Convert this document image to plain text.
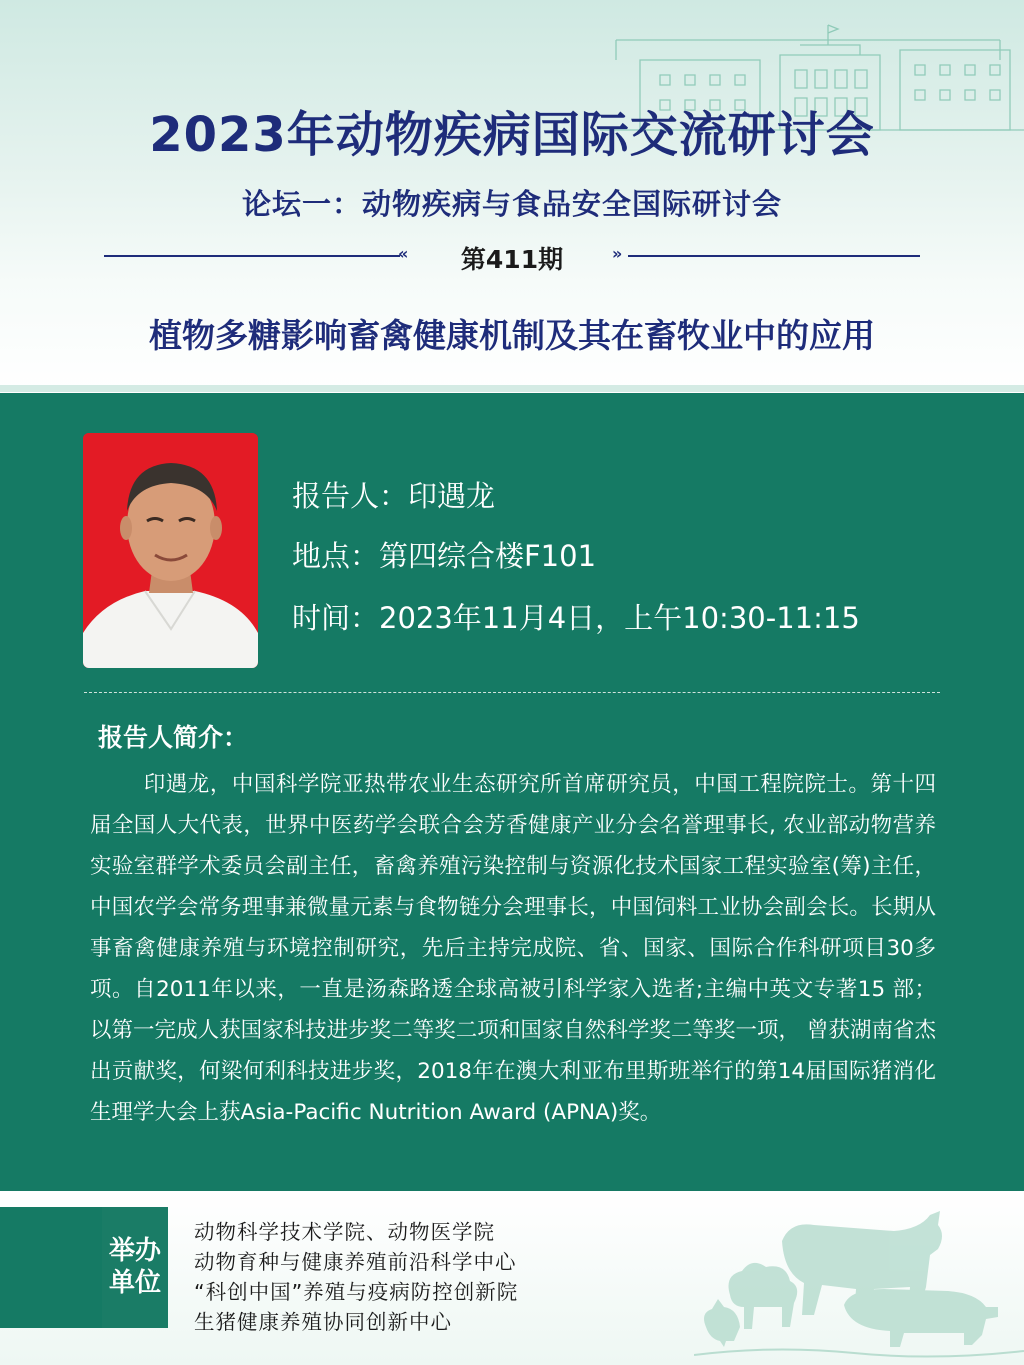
2023年动物疾病国际交流研讨会
论坛一：动物疾病与食品安全国际研讨会
«	第411期	»
植物多糖影响畜禽健康机制及其在畜牧业中的应用
报告人：印遇龙
地点：第四综合楼F101
时间：2023年11月4日，上午10:30-11:15
报告人简介：

印遇龙，中国科学院亚热带农业生态研究所首席研究员，中国工程院院士。第十四届全国人大代表，世界中医药学会联合会芳香健康产业分会名誉理事长, 农业部动物营养实验室群学术委员会副主任，畜禽养殖污染控制与资源化技术国家工程实验室(筹)主任，中国农学会常务理事兼微量元素与食物链分会理事长，中国饲料工业协会副会长。长期从事畜禽健康养殖与环境控制研究，先后主持完成院、省、国家、国际合作科研项目30多项。自2011年以来，一直是汤森路透全球高被引科学家入选者;主编中英文专著15 部；以第一完成人获国家科技进步奖二等奖二项和国家自然科学奖二等奖一项， 曾获湖南省杰出贡献奖，何梁何利科技进步奖，2018年在澳大利亚布里斯班举行的第14届国际猪消化生理学大会上获Asia-Pacific Nutrition Award (APNA)奖。

举办
单位
动物科学技术学院、动物医学院
动物育种与健康养殖前沿科学中心
“科创中国”养殖与疫病防控创新院
生猪健康养殖协同创新中心
